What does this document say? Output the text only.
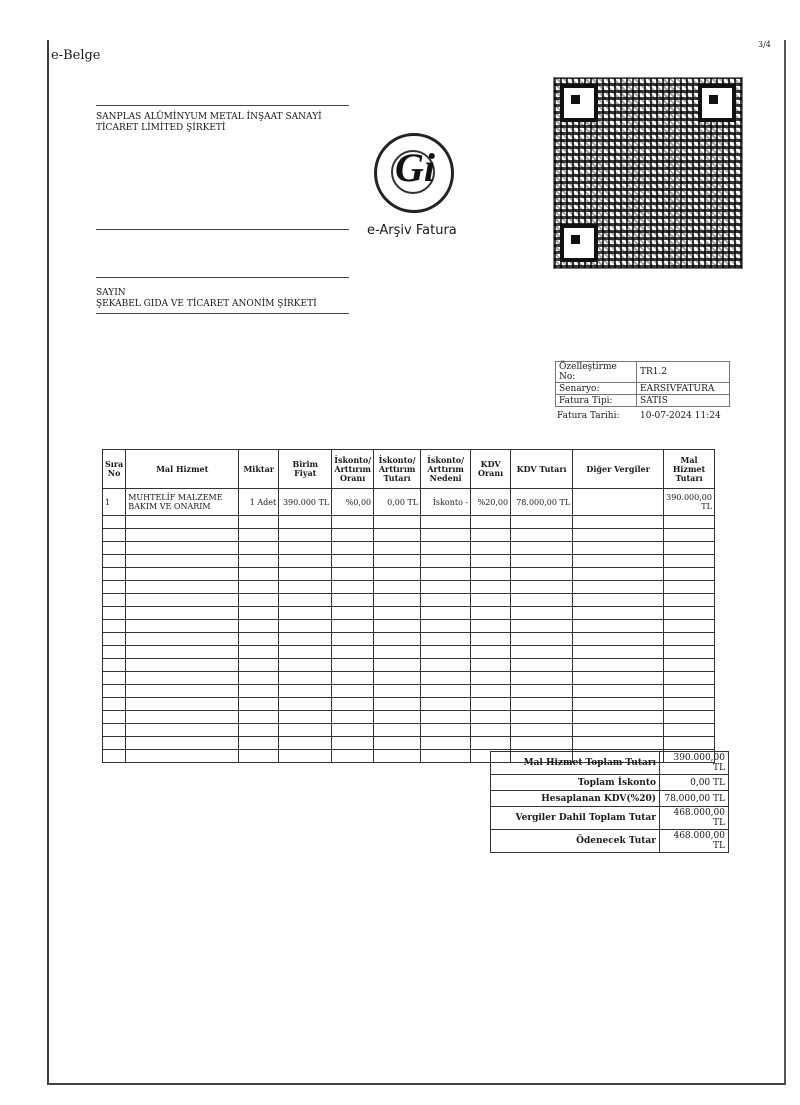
e-Belge
3/4
SANPLAS ALÜMİNYUM METAL İNŞAAT SANAYİ TİCARET LİMİTED ŞİRKETİ
Gi
e-Arşiv Fatura
SAYIN
ŞEKABEL GIDA VE TİCARET ANONİM ŞİRKETİ
Özelleştirme No:	TR1.2
Senaryo:	EARSIVFATURA
Fatura Tipi:	SATIS
Fatura Tarihi: 10-07-2024 11:24
Sıra No	Mal Hizmet	Miktar	Birim Fiyat	İskonto/ Arttırım Oranı	İskonto/ Arttırım Tutarı	İskonto/ Arttırım Nedeni	KDV Oranı	KDV Tutarı	Diğer Vergiler	Mal Hizmet Tutarı
1	MUHTELİF MALZEME BAKIM VE ONARIM	1 Adet	390.000 TL	%0,00	0,00 TL	İskonto -	%20,00	78.000,00 TL		390.000,00 TL

Mal Hizmet Toplam Tutarı	390.000,00 TL
Toplam İskonto	0,00 TL
Hesaplanan KDV(%20)	78.000,00 TL
Vergiler Dahil Toplam Tutar	468.000,00 TL
Ödenecek Tutar	468.000,00 TL
